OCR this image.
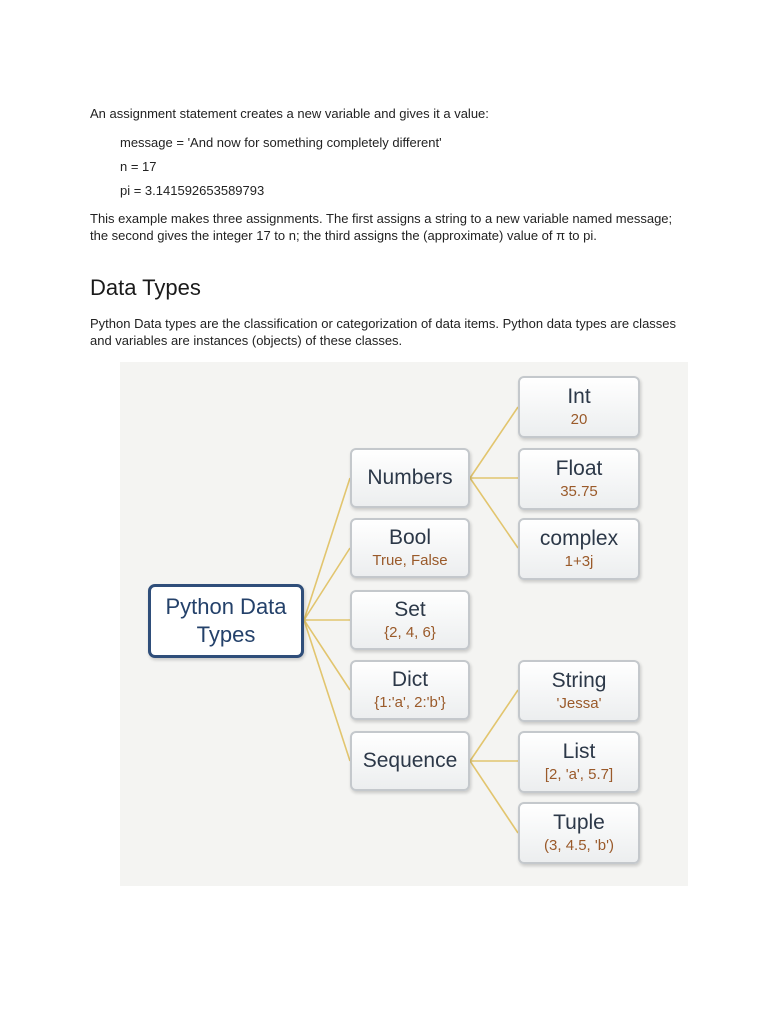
An assignment statement creates a new variable and gives it a value:

message = 'And now for something completely different'

n = 17

pi = 3.141592653589793

This example makes three assignments. The first assigns a string to a new variable named message; the second gives the integer 17 to n; the third assigns the (approximate) value of π to pi.

Data Types

Python Data types are the classification or categorization of data items. Python data types are classes and variables are instances (objects) of these classes.

Python Data
Types
Numbers
Bool
True, False
Set
{2, 4, 6}
Dict
{1:'a', 2:'b'}
Sequence
Int
20
Float
35.75
complex
1+3j
String
'Jessa'
List
[2, 'a', 5.7]
Tuple
(3, 4.5, 'b')
